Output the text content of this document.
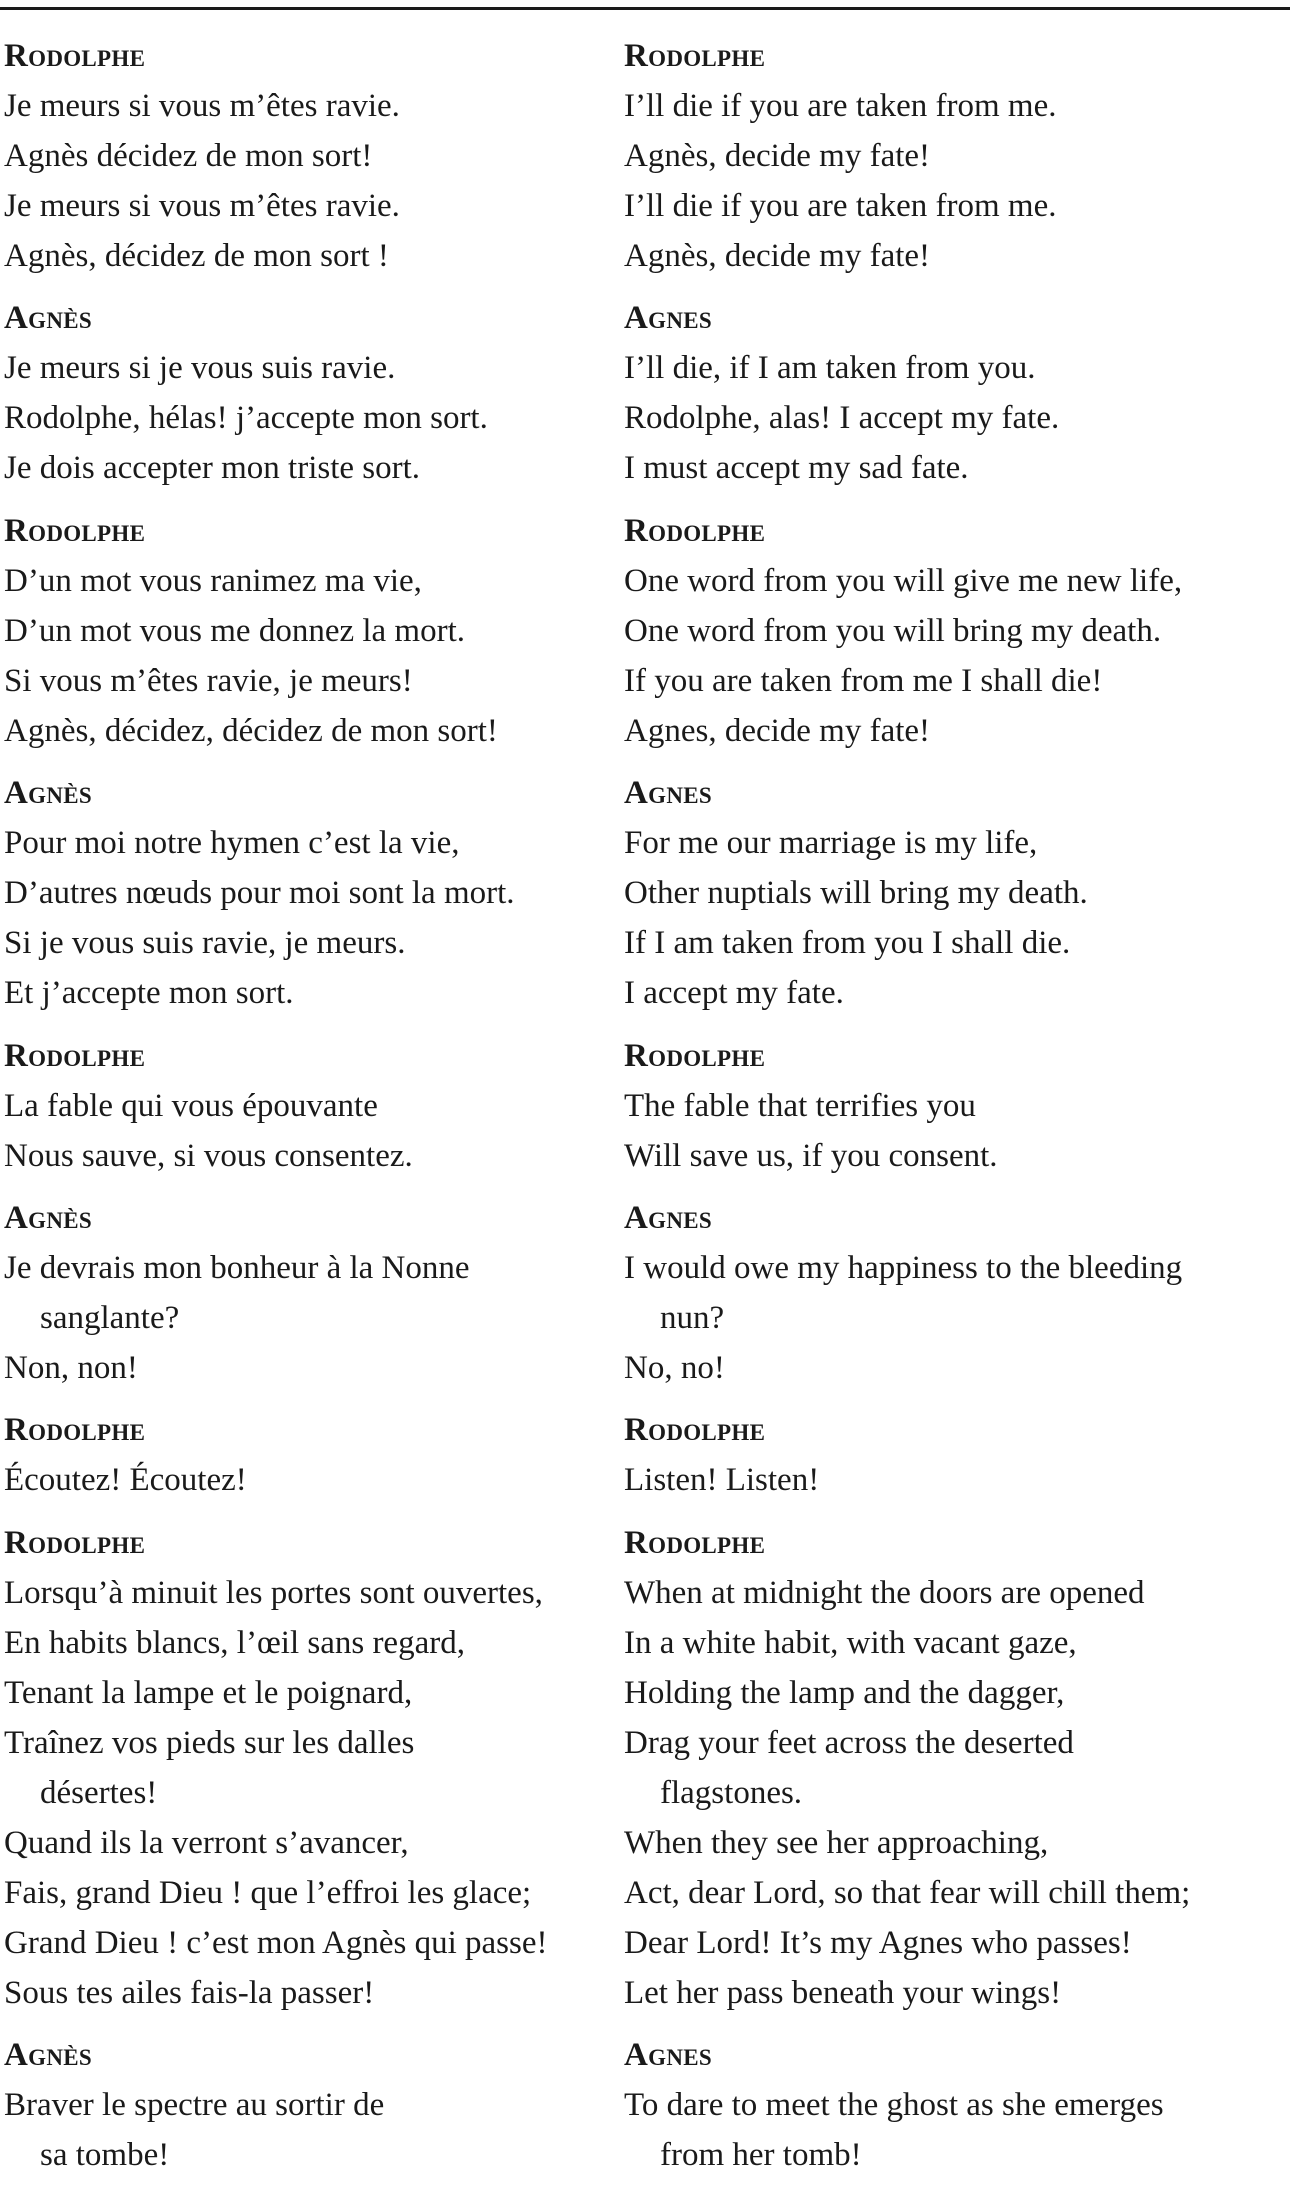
Rodolphe
Je meurs si vous m’êtes ravie.
Agnès décidez de mon sort!
Je meurs si vous m’êtes ravie.
Agnès, décidez de mon sort !
Agnès
Je meurs si je vous suis ravie.
Rodolphe, hélas! j’accepte mon sort.
Je dois accepter mon triste sort.
Rodolphe
D’un mot vous ranimez ma vie,
D’un mot vous me donnez la mort.
Si vous m’êtes ravie, je meurs!
Agnès, décidez, décidez de mon sort!
Agnès
Pour moi notre hymen c’est la vie,
D’autres nœuds pour moi sont la mort.
Si je vous suis ravie, je meurs.
Et j’accepte mon sort.
Rodolphe
La fable qui vous épouvante
Nous sauve, si vous consentez.
Agnès
Je devrais mon bonheur à la Nonne
sanglante?
Non, non!
Rodolphe
Écoutez! Écoutez!
Rodolphe
Lorsqu’à minuit les portes sont ouvertes,
En habits blancs, l’œil sans regard,
Tenant la lampe et le poignard,
Traînez vos pieds sur les dalles
désertes!
Quand ils la verront s’avancer,
Fais, grand Dieu ! que l’effroi les glace;
Grand Dieu ! c’est mon Agnès qui passe!
Sous tes ailes fais-la passer!
Agnès
Braver le spectre au sortir de
sa tombe!
Rodolphe
I’ll die if you are taken from me.
Agnès, decide my fate!
I’ll die if you are taken from me.
Agnès, decide my fate!
Agnes
I’ll die, if I am taken from you.
Rodolphe, alas! I accept my fate.
I must accept my sad fate.
Rodolphe
One word from you will give me new life,
One word from you will bring my death.
If you are taken from me I shall die!
Agnes, decide my fate!
Agnes
For me our marriage is my life,
Other nuptials will bring my death.
If I am taken from you I shall die.
I accept my fate.
Rodolphe
The fable that terrifies you
Will save us, if you consent.
Agnes
I would owe my happiness to the bleeding
nun?
No, no!
Rodolphe
Listen! Listen!
Rodolphe
When at midnight the doors are opened
In a white habit, with vacant gaze,
Holding the lamp and the dagger,
Drag your feet across the deserted
flagstones.
When they see her approaching,
Act, dear Lord, so that fear will chill them;
Dear Lord! It’s my Agnes who passes!
Let her pass beneath your wings!
Agnes
To dare to meet the ghost as she emerges
from her tomb!
